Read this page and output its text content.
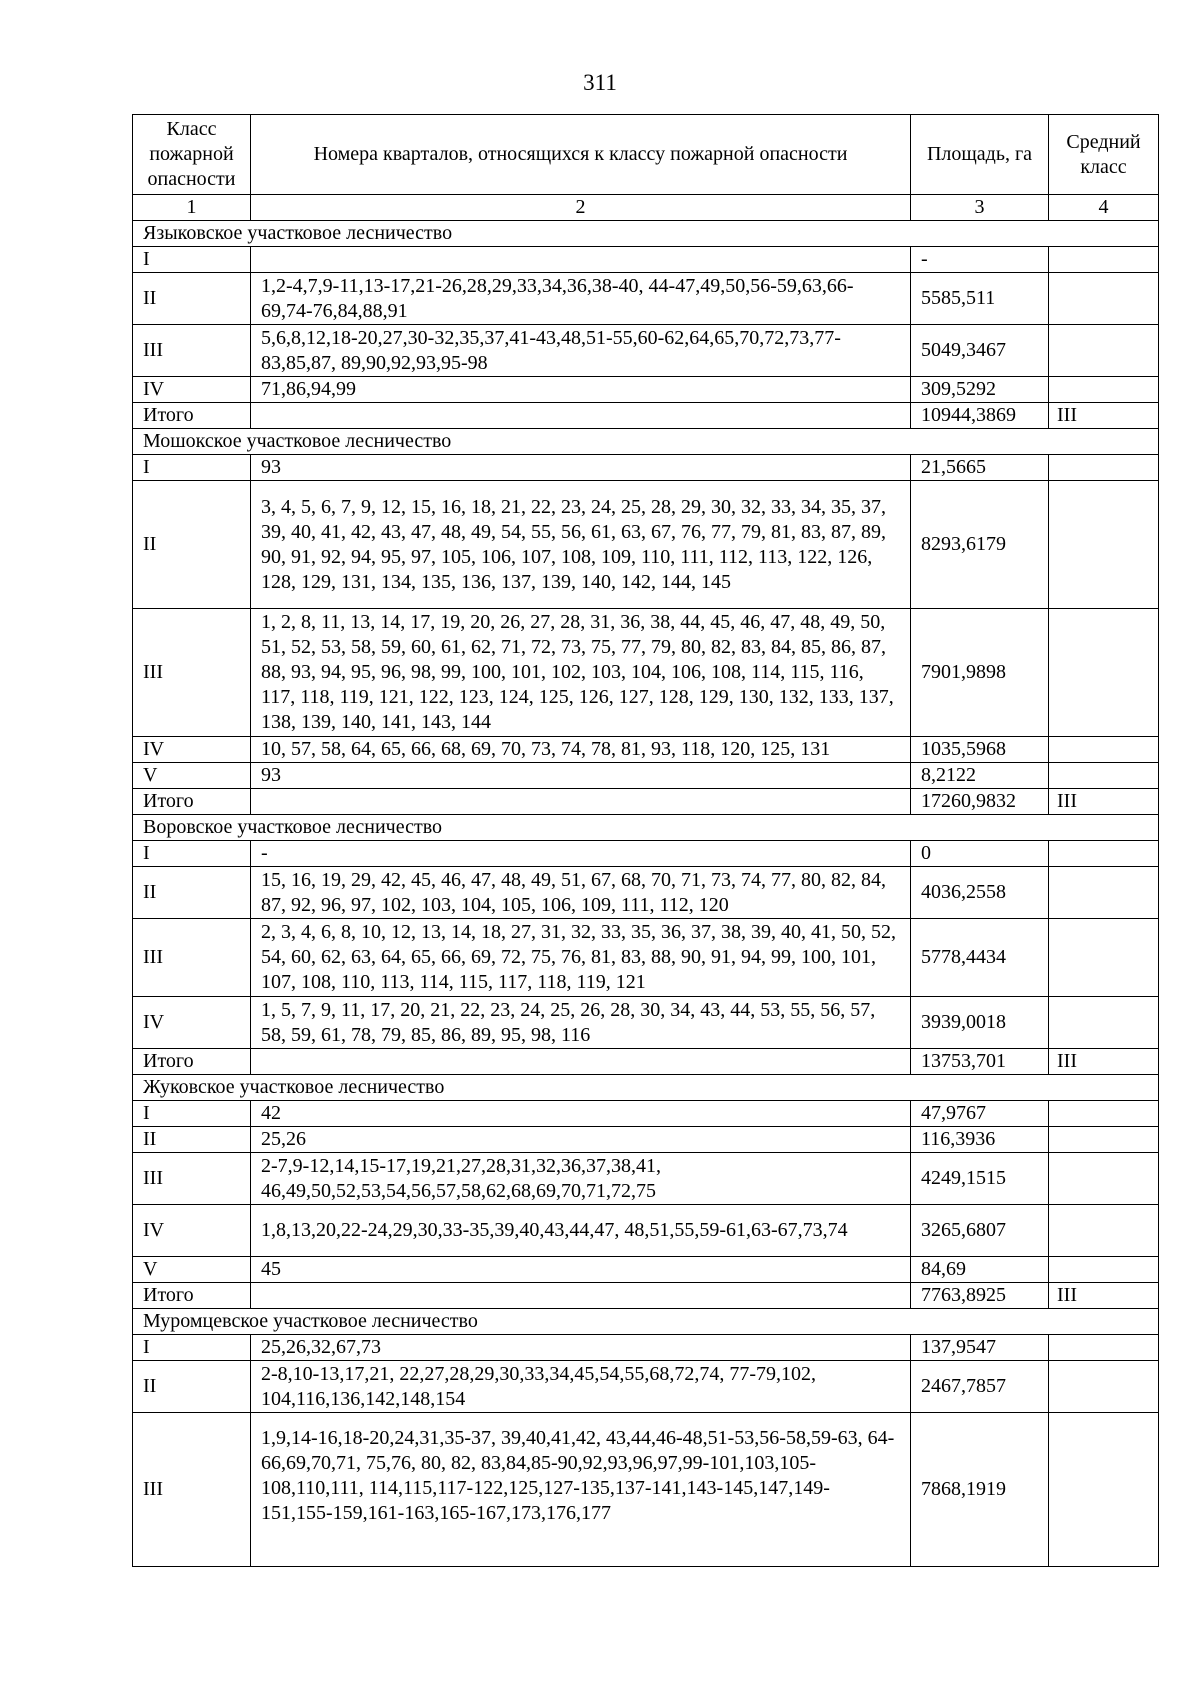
311
Класс пожарной опасности	Номера кварталов, относящихся к классу пожарной опасности	Площадь, га	Средний класс
1	2	3	4
Языковское участковое лесничество			
I		-	
II	1,2-4,7,9-11,13-17,21-26,28,29,33,34,36,38-40, 44-47,49,50,56-59,63,66-69,74-76,84,88,91	5585,511	
III	5,6,8,12,18-20,27,30-32,35,37,41-43,48,51-55,60-62,64,65,70,72,73,77-83,85,87, 89,90,92,93,95-98	5049,3467	
IV	71,86,94,99	309,5292	
Итого		10944,3869	III
Мошокское участковое лесничество			
I	93	21,5665	
II	3, 4, 5, 6, 7, 9, 12, 15, 16, 18, 21, 22, 23, 24, 25, 28, 29, 30, 32, 33, 34, 35, 37, 39, 40, 41, 42, 43, 47, 48, 49, 54, 55, 56, 61, 63, 67, 76, 77, 79, 81, 83, 87, 89, 90, 91, 92, 94, 95, 97, 105, 106, 107, 108, 109, 110, 111, 112, 113, 122, 126, 128, 129, 131, 134, 135, 136, 137, 139, 140, 142, 144, 145	8293,6179	
III	1, 2, 8, 11, 13, 14, 17, 19, 20, 26, 27, 28, 31, 36, 38, 44, 45, 46, 47, 48, 49, 50, 51, 52, 53, 58, 59, 60, 61, 62, 71, 72, 73, 75, 77, 79, 80, 82, 83, 84, 85, 86, 87, 88, 93, 94, 95, 96, 98, 99, 100, 101, 102, 103, 104, 106, 108, 114, 115, 116, 117, 118, 119, 121, 122, 123, 124, 125, 126, 127, 128, 129, 130, 132, 133, 137, 138, 139, 140, 141, 143, 144	7901,9898	
IV	10, 57, 58, 64, 65, 66, 68, 69, 70, 73, 74, 78, 81, 93, 118, 120, 125, 131	1035,5968	
V	93	8,2122	
Итого		17260,9832	III
Воровское участковое лесничество			
I	-	0	
II	15, 16, 19, 29, 42, 45, 46, 47, 48, 49, 51, 67, 68, 70, 71, 73, 74, 77, 80, 82, 84, 87, 92, 96, 97, 102, 103, 104, 105, 106, 109, 111, 112, 120	4036,2558	
III	2, 3, 4, 6, 8, 10, 12, 13, 14, 18, 27, 31, 32, 33, 35, 36, 37, 38, 39, 40, 41, 50, 52, 54, 60, 62, 63, 64, 65, 66, 69, 72, 75, 76, 81, 83, 88, 90, 91, 94, 99, 100, 101, 107, 108, 110, 113, 114, 115, 117, 118, 119, 121	5778,4434	
IV	1, 5, 7, 9, 11, 17, 20, 21, 22, 23, 24, 25, 26, 28, 30, 34, 43, 44, 53, 55, 56, 57, 58, 59, 61, 78, 79, 85, 86, 89, 95, 98, 116	3939,0018	
Итого		13753,701	III
Жуковское участковое лесничество			
I	42	47,9767	
II	25,26	116,3936	
III	2-7,9-12,14,15-17,19,21,27,28,31,32,36,37,38,41, 46,49,50,52,53,54,56,57,58,62,68,69,70,71,72,75	4249,1515	
IV	1,8,13,20,22-24,29,30,33-35,39,40,43,44,47, 48,51,55,59-61,63-67,73,74	3265,6807	
V	45	84,69	
Итого		7763,8925	III
Муромцевское участковое лесничество			
I	25,26,32,67,73	137,9547	
II	2-8,10-13,17,21, 22,27,28,29,30,33,34,45,54,55,68,72,74, 77-79,102, 104,116,136,142,148,154	2467,7857	
III	1,9,14-16,18-20,24,31,35-37, 39,40,41,42, 43,44,46-48,51-53,56-58,59-63, 64-66,69,70,71, 75,76, 80, 82, 83,84,85-90,92,93,96,97,99-101,103,105-108,110,111, 114,115,117-122,125,127-135,137-141,143-145,147,149-151,155-159,161-163,165-167,173,176,177	7868,1919	
